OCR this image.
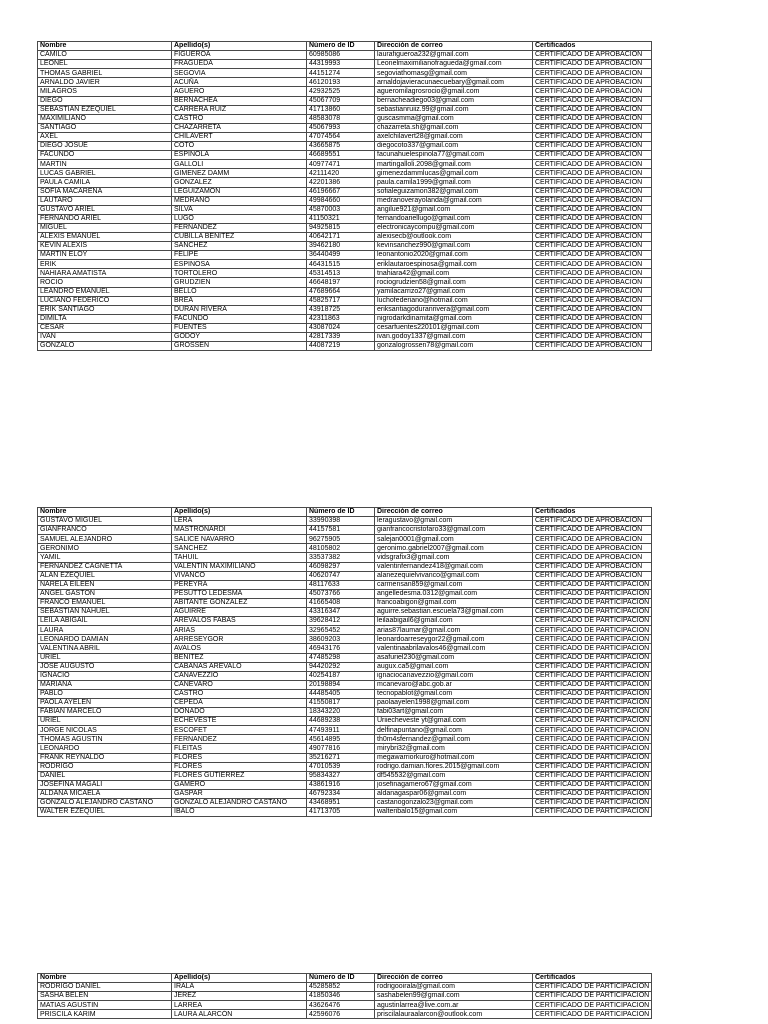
Nombre	Apellido(s)	Número de ID	Dirección de correo	Certificados
CAMILO	FIGUEROA	60985086	laurafigueroa232@gmail.com	CERTIFICADO DE APROBACION
LEONEL	FRAGUEDA	44319993	Leonelmaximilianofragueda@gmail.com	CERTIFICADO DE APROBACION
THOMAS GABRIEL	SEGOVIA	44151274	segoviathomasg@gmail.com	CERTIFICADO DE APROBACION
ARNALDO JAVIER	ACUÑA	46120193	arnaldojavieracunaecuebary@gmail.com	CERTIFICADO DE APROBACION
MILAGROS	AGÜERO	42932525	agueromilagrosrocio@gmail.com	CERTIFICADO DE APROBACION
DIEGO	BERNACHEA	45067709	bernacheadiego03@gmail.com	CERTIFICADO DE APROBACION
SEBASTIAN EZEQUIEL	CARRERA RUIZ	41713860	sebastianruiiz.99@gmail.com	CERTIFICADO DE APROBACION
MAXIMILIANO	CASTRO	48583078	guscasmma@gmail.com	CERTIFICADO DE APROBACION
SANTIAGO	CHAZARRETA	45067993	chazarreta.sh@gmail.com	CERTIFICADO DE APROBACION
AXEL	CHILAVERT	47074564	axelchilavert28@gmail.com	CERTIFICADO DE APROBACION
DIEGO JOSUE	COTO	43665875	diegocoto337@gmail.com	CERTIFICADO DE APROBACION
FACUNDO	ESPINOLA	46689551	facunahuelespinola77@gmail.com	CERTIFICADO DE APROBACION
MARTIN	GALLOLI	40977471	martingalloli.2098@gmail.com	CERTIFICADO DE APROBACION
LUCAS GABRIEL	GIMENEZ DAMM	42111420	gimenezdammlucas@gmail.com	CERTIFICADO DE APROBACION
PAULA CAMILA	GONZALEZ	42201386	paula.camila1999@gmail.com	CERTIFICADO DE APROBACION
SOFIA MACARENA	LEGUIZAMON	46196667	sofialeguizamon382@gmail.com	CERTIFICADO DE APROBACION
LAUTARO	MEDRANO	49984660	medranoverayolanda@gmail.com	CERTIFICADO DE APROBACION
GUSTAVO ARIEL	SILVA	45870003	angilue921@gmail.com	CERTIFICADO DE APROBACION
FERNANDO ARIEL	LUGO	41150321	fernandoariellugo@gmail.com	CERTIFICADO DE APROBACION
MIGUEL	FERNANDEZ	94925815	electronicaycompu@gmail.com	CERTIFICADO DE APROBACION
ALEXIS EMANUEL	CUBILLA BENITEZ	40642171	alexisecb@outlook.com	CERTIFICADO DE APROBACION
KEVIN ALEXIS	SANCHEZ	39462180	kevinsanchez990@gmail.com	CERTIFICADO DE APROBACION
MARTIN ELOY	FELIPE	36440499	leonantonio2020@gmail.com	CERTIFICADO DE APROBACION
ERIK	ESPINOSA	46431515	eriklautaroespinosa@gmail.com	CERTIFICADO DE APROBACION
NAHIARA AMATISTA	TORTOLERO	45314513	tnahiara42@gmail.com	CERTIFICADO DE APROBACION
ROCIO	GRUDZIEN	46648197	rociogrudzien58@gmail.com	CERTIFICADO DE APROBACION
LEANDRO EMANUEL	BELLO	47689664	yamilacarrizo27@gmail.com	CERTIFICADO DE APROBACION
LUCIANO FEDERICO	BREA	45825717	luchofederiano@hotmail.com	CERTIFICADO DE APROBACION
ERIK SANTIAGO	DURÁN RIVERA	43918725	eriksantiagoduranrivera@gmail.com	CERTIFICADO DE APROBACION
DIMILTA	FACUNDO	42311863	nigrodarkdinamita@gmail.com	CERTIFICADO DE APROBACION
CESAR	FUENTES	43087024	cesarfuentes220101@gmail.com	CERTIFICADO DE APROBACION
IVAN	GODOY	42817339	ivan.godoy1337@gmail.com	CERTIFICADO DE APROBACION
GONZALO	GROSSEN	44087219	gonzalogrossen78@gmail.com	CERTIFICADO DE APROBACION
Nombre	Apellido(s)	Número de ID	Dirección de correo	Certificados
GUSTAVO MIGUEL	LERA	33990398	leragustavo@gmail.com	CERTIFICADO DE APROBACION
GIANFRANCO	MASTRONARDI	44157581	gianfrancocristofaro33@gmail.com	CERTIFICADO DE APROBACION
SAMUEL ALEJANDRO	SALICE NAVARRO	96275905	salejan0001@gmail.com	CERTIFICADO DE APROBACION
GERONIMO	SANCHEZ	48105802	geronimo.gabriel2007@gmail.com	CERTIFICADO DE APROBACION
YAMIL	TAHUIL	33537382	vidsgrafix3@gmail.com	CERTIFICADO DE APROBACION
FERNANDEZ CAGNETTA	VALENTIN MAXIMILIANO	46098297	valentinfernandez418@gmail.com	CERTIFICADO DE APROBACION
ALAN EZEQUIEL	VIVANCO	40620747	alanezequielvivanco@gmail.com	CERTIFICADO DE APROBACION
NARELA EILEEN	PEREYRA	48117633	carmensan859@gmail.com	CERTIFICADO DE PARTICIPACION
ÁNGEL GASTÓN	PESUTTO LEDESMA	45073766	angelledesma.0312@gmail.com	CERTIFICADO DE PARTICIPACION
FRANCO EMANUEL	ABITANTE GONZALEZ	41665408	francoabigon@gmail.com	CERTIFICADO DE PARTICIPACION
SEBASTIAN NAHUEL	AGUIRRE	43316347	aguirre.sebastian.escuela73@gmail.com	CERTIFICADO DE PARTICIPACION
LEILA ABIGAIL	AREVALOS FABAS	39628412	leilaabigail6@gmail.com	CERTIFICADO DE PARTICIPACION
LAURA	ARIAS	32965452	arias87laumar@gmail.com	CERTIFICADO DE PARTICIPACION
LEONARDO DAMIAN	ARRESEYGOR	38609203	leonardoarreseygor22@gmail.com	CERTIFICADO DE PARTICIPACION
VALENTINA ABRIL	AVALOS	46943176	valentinaabrilavalos46@gmail.com	CERTIFICADO DE PARTICIPACION
URIEL	BENITEZ	47485298	asafuriel230@gmail.com	CERTIFICADO DE PARTICIPACION
JOSE AUGUSTO	CABAÑAS AREVALO	94420292	augux.ca5@gmail.com	CERTIFICADO DE PARTICIPACION
IGNACIO	CANAVEZZIO	40254187	ignaciocanavezzio@gmail.com	CERTIFICADO DE PARTICIPACION
MARIANA	CANEVARO	20198894	mcanevaro@abc.gob.ar	CERTIFICADO DE PARTICIPACION
PABLO	CASTRO	44485405	tecnopablot@gmail.com	CERTIFICADO DE PARTICIPACION
PAOLA AYELEN	CEPEDA	41550817	paolaayelen1998@gmail.com	CERTIFICADO DE PARTICIPACION
FABIAN MARCELO	DONADO	18343220	fabi03art@gmail.com	CERTIFICADO DE PARTICIPACION
URIEL	ECHEVESTE	44689238	Uriiecheveste yt@gmail.com	CERTIFICADO DE PARTICIPACION
JORGE NICOLAS	ESCOFET	47493911	delfinapuntano@gmail.com	CERTIFICADO DE PARTICIPACION
THOMAS AGUSTIN	FERNANDEZ	45614895	th0m4sfernandez@gmail.com	CERTIFICADO DE PARTICIPACION
LEONARDO	FLEITAS	49077816	mirybri32@gmail.com	CERTIFICADO DE PARTICIPACION
FRANK REYNALDO	FLORES	35216271	megawarriorkuro@hotmail.com	CERTIFICADO DE PARTICIPACION
RODRIGO	FLORES	47010539	rodrigo.damian.flores.2015@gmail.com	CERTIFICADO DE PARTICIPACION
DANIEL	FLORES GUTIÉRREZ	95834327	df545532@gmail.com	CERTIFICADO DE PARTICIPACION
JOSEFINA MAGALI	GAMERO	43861916	josefinagamero67@gmail.com	CERTIFICADO DE PARTICIPACION
ALDANA MICAELA	GASPAR	46792334	aldanagaspar06@gmail.com	CERTIFICADO DE PARTICIPACION
GONZALO ALEJANDRO CASTAÑO	GONZALO ALEJANDRO CASTAÑO	43468951	castanogonzalo23@gmail.com	CERTIFICADO DE PARTICIPACION
WALTER EZEQUIEL	IBALO	41713705	walteribalo15@gmail.com	CERTIFICADO DE PARTICIPACION
Nombre	Apellido(s)	Número de ID	Dirección de correo	Certificados
RODRIGO DANIEL	IRALA	45285852	rodrigooirala@gmail.com	CERTIFICADO DE PARTICIPACION
SASHA BELEN	JEREZ	41850346	sashabelen99@gmail.com	CERTIFICADO DE PARTICIPACION
MATIAS AGUSTIN	LARREA	43626476	agustinlarrea@live.com.ar	CERTIFICADO DE PARTICIPACION
PRISCILA KARIM	LAURA ALARCÓN	42596076	priscilalauraalarcon@outlook.com	CERTIFICADO DE PARTICIPACION
